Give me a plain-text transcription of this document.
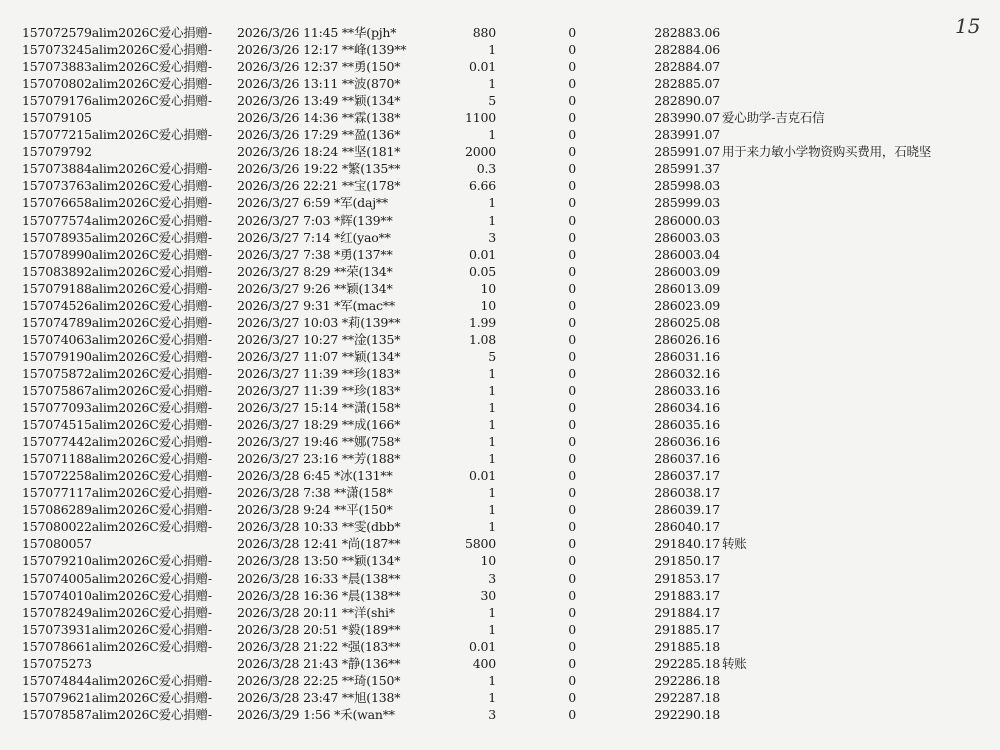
15
157072579alim2026C爱心捐赠-	2026/3/26 11:45 **华(pjh*	880	0		282883.06	
157073245alim2026C爱心捐赠-	2026/3/26 12:17 **峰(139**	1	0		282884.06	
157073883alim2026C爱心捐赠-	2026/3/26 12:37 **勇(150*	0.01	0		282884.07	
157070802alim2026C爱心捐赠-	2026/3/26 13:11 **波(870*	1	0		282885.07	
157079176alim2026C爱心捐赠-	2026/3/26 13:49 **颖(134*	5	0		282890.07	
157079105	2026/3/26 14:36 **霖(138*	1100	0		283990.07	爱心助学-吉克石信
157077215alim2026C爱心捐赠-	2026/3/26 17:29 **盈(136*	1	0		283991.07	
157079792	2026/3/26 18:24 **坚(181*	2000	0		285991.07	用于来力敏小学物资购买费用，石晓坚
157073884alim2026C爱心捐赠-	2026/3/26 19:22 *繁(135**	0.3	0		285991.37	
157073763alim2026C爱心捐赠-	2026/3/26 22:21 **宝(178*	6.66	0		285998.03	
157076658alim2026C爱心捐赠-	2026/3/27 6:59 *军(daj**	1	0		285999.03	
157077574alim2026C爱心捐赠-	2026/3/27 7:03 *辉(139**	1	0		286000.03	
157078935alim2026C爱心捐赠-	2026/3/27 7:14 *红(yao**	3	0		286003.03	
157078990alim2026C爱心捐赠-	2026/3/27 7:38 *勇(137**	0.01	0		286003.04	
157083892alim2026C爱心捐赠-	2026/3/27 8:29 **荣(134*	0.05	0		286003.09	
157079188alim2026C爱心捐赠-	2026/3/27 9:26 **颖(134*	10	0		286013.09	
157074526alim2026C爱心捐赠-	2026/3/27 9:31 *军(mac**	10	0		286023.09	
157074789alim2026C爱心捐赠-	2026/3/27 10:03 *莉(139**	1.99	0		286025.08	
157074063alim2026C爱心捐赠-	2026/3/27 10:27 **淦(135*	1.08	0		286026.16	
157079190alim2026C爱心捐赠-	2026/3/27 11:07 **颖(134*	5	0		286031.16	
157075872alim2026C爱心捐赠-	2026/3/27 11:39 **珍(183*	1	0		286032.16	
157075867alim2026C爱心捐赠-	2026/3/27 11:39 **珍(183*	1	0		286033.16	
157077093alim2026C爱心捐赠-	2026/3/27 15:14 **潇(158*	1	0		286034.16	
157074515alim2026C爱心捐赠-	2026/3/27 18:29 **成(166*	1	0		286035.16	
157077442alim2026C爱心捐赠-	2026/3/27 19:46 **娜(758*	1	0		286036.16	
157071188alim2026C爱心捐赠-	2026/3/27 23:16 **芳(188*	1	0		286037.16	
157072258alim2026C爱心捐赠-	2026/3/28 6:45 *冰(131**	0.01	0		286037.17	
157077117alim2026C爱心捐赠-	2026/3/28 7:38 **潇(158*	1	0		286038.17	
157086289alim2026C爱心捐赠-	2026/3/28 9:24 **平(150*	1	0		286039.17	
157080022alim2026C爱心捐赠-	2026/3/28 10:33 **雯(dbb*	1	0		286040.17	
157080057	2026/3/28 12:41 *尚(187**	5800	0		291840.17	转账
157079210alim2026C爱心捐赠-	2026/3/28 13:50 **颖(134*	10	0		291850.17	
157074005alim2026C爱心捐赠-	2026/3/28 16:33 *晨(138**	3	0		291853.17	
157074010alim2026C爱心捐赠-	2026/3/28 16:36 *晨(138**	30	0		291883.17	
157078249alim2026C爱心捐赠-	2026/3/28 20:11 **洋(shi*	1	0		291884.17	
157073931alim2026C爱心捐赠-	2026/3/28 20:51 *毅(189**	1	0		291885.17	
157078661alim2026C爱心捐赠-	2026/3/28 21:22 *强(183**	0.01	0		291885.18	
157075273	2026/3/28 21:43 *静(136**	400	0		292285.18	转账
157074844alim2026C爱心捐赠-	2026/3/28 22:25 **琦(150*	1	0		292286.18	
157079621alim2026C爱心捐赠-	2026/3/28 23:47 **旭(138*	1	0		292287.18	
157078587alim2026C爱心捐赠-	2026/3/29 1:56 *禾(wan**	3	0		292290.18	
